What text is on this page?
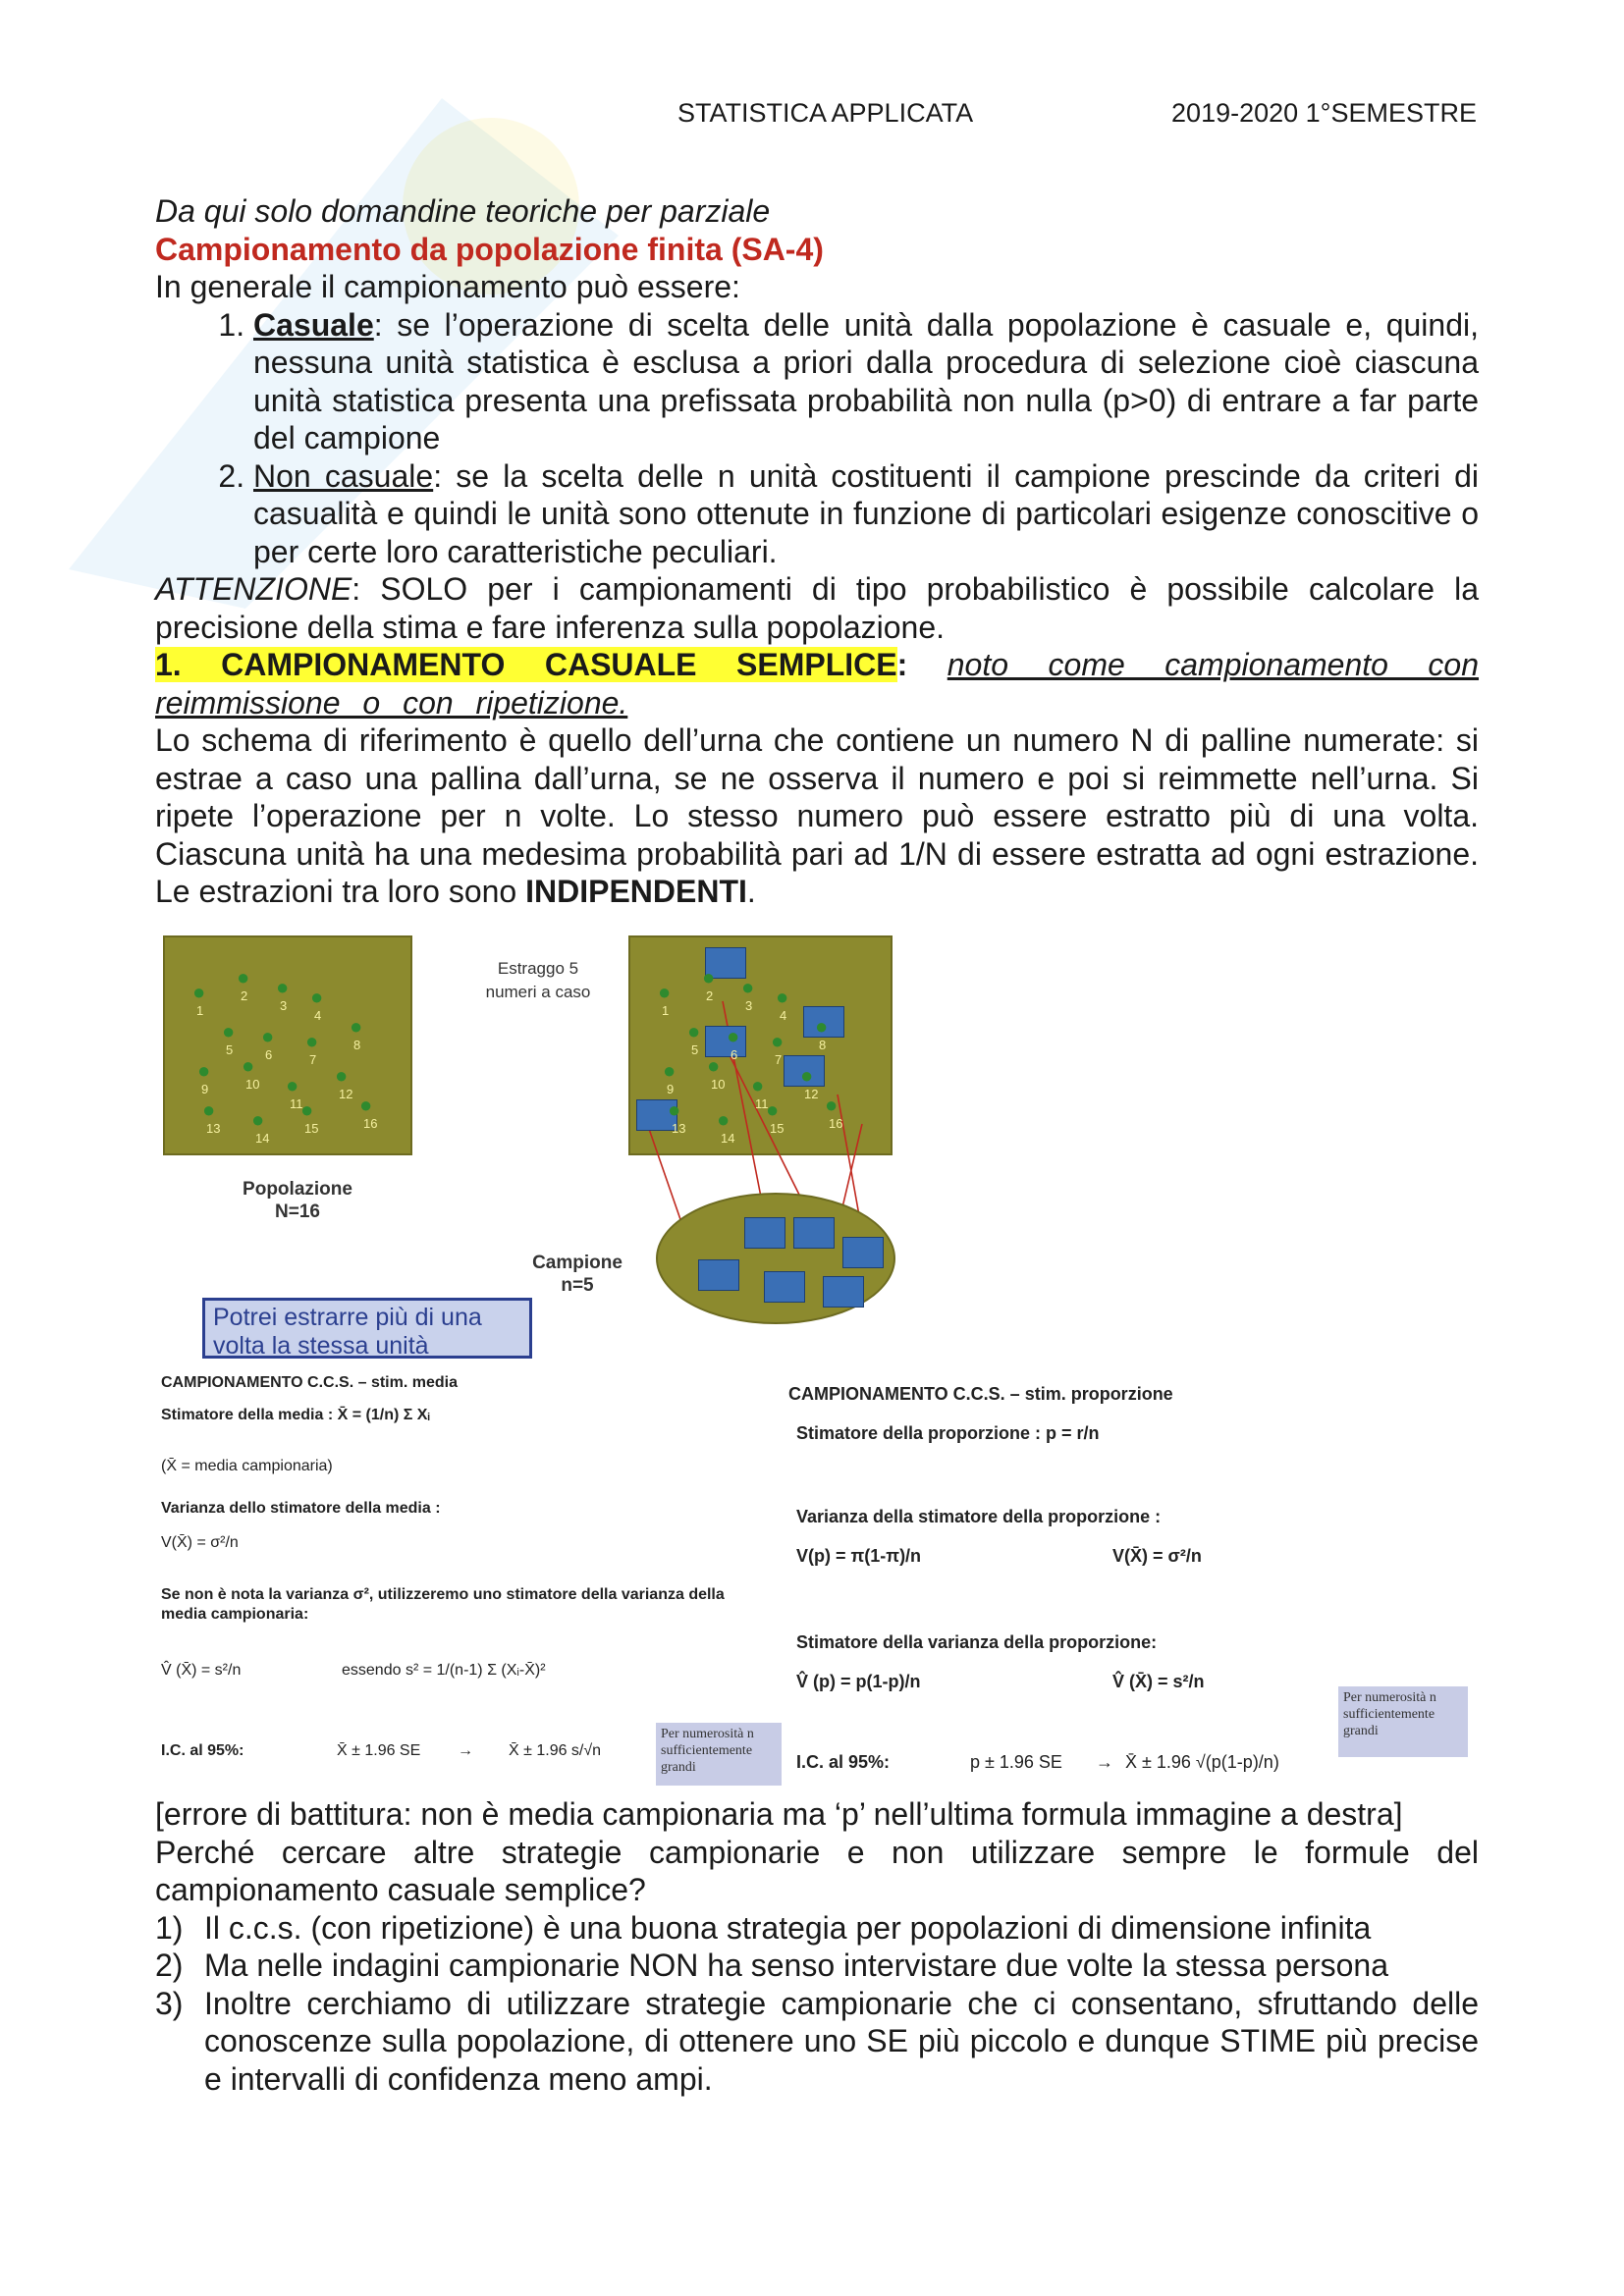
STATISTICA APPLICATA	2019-2020 1°SEMESTRE

Da qui solo domandine teoriche per parziale

Campionamento da popolazione finita (SA-4)

In generale il campionamento può essere:

1. Casuale: se l’operazione di scelta delle unità dalla popolazione è casuale e, quindi, nessuna unità statistica è esclusa a priori dalla procedura di selezione cioè ciascuna unità statistica presenta una prefissata probabilità non nulla (p>0) di entrare a far parte del campione
2. Non casuale: se la scelta delle n unità costituenti il campione prescinde da criteri di casualità e quindi le unità sono ottenute in funzione di particolari esigenze conoscitive o per certe loro caratteristiche peculiari.

ATTENZIONE: SOLO per i campionamenti di tipo probabilistico è possibile calcolare la precisione della stima e fare inferenza sulla popolazione.

1. CAMPIONAMENTO CASUALE SEMPLICE: noto come campionamento con reimmissione o con ripetizione.

Lo schema di riferimento è quello dell’urna che contiene un numero N di palline numerate: si estrae a caso una pallina dall’urna, se ne osserva il numero e poi si reimmette nell’urna. Si ripete l’operazione per n volte. Lo stesso numero può essere estratto più di una volta. Ciascuna unità ha una medesima probabilità pari ad 1/N di essere estratta ad ogni estrazione. Le estrazioni tra loro sono INDIPENDENTI.

Estraggo 5 numeri a caso
Popolazione
N=16
Campione
n=5
Potrei estrarre più di una volta la stessa unità
CAMPIONAMENTO C.C.S. – stim. media
Stimatore della media : X̄ = (1/n) Σ Xᵢ
(X̄ = media campionaria)
Varianza dello stimatore della media :
V(X̄) = σ²/n
Se non è nota la varianza σ², utilizzeremo uno stimatore della varianza della media campionaria:
V̂ (X̄) = s²/n	essendo s² = 1/(n-1) Σ (Xᵢ-X̄)²
I.C. al 95%:	X̄ ± 1.96 SE → X̄ ± 1.96 s/√n
Per numerosità n sufficientemente grandi
CAMPIONAMENTO C.C.S. – stim. proporzione
Stimatore della proporzione : p = r/n
Varianza della stimatore della proporzione :
V(p) = π(1-π)/n	V(X̄) = σ²/n
Stimatore della varianza della proporzione:
V̂ (p) = p(1-p)/n	V̂ (X̄) = s²/n
I.C. al 95%:	p ± 1.96 SE → X̄ ± 1.96 √(p(1-p)/n)
Per numerosità n sufficientemente grandi
●
1
●
2 ●
3 ●
4
●
5
●
6
●
7
●
8
●
9
●
10 ●
11
●
12
●
13 ●
14
●
15
●
16
●
1
●
2 ●
3 ●
4
●
5
●
6
●
7
●
8
●
9
●
10 ●
11
●
12
●
13 ●
14
●
15
●
16

[errore di battitura: non è media campionaria ma ‘p’ nell’ultima formula immagine a destra]

Perché cercare altre strategie campionarie e non utilizzare sempre le formule del campionamento casuale semplice?

1) Il c.c.s. (con ripetizione) è una buona strategia per popolazioni di dimensione infinita
2) Ma nelle indagini campionarie NON ha senso intervistare due volte la stessa persona
3) Inoltre cerchiamo di utilizzare strategie campionarie che ci consentano, sfruttando delle conoscenze sulla popolazione, di ottenere uno SE più piccolo e dunque STIME più precise e intervalli di confidenza meno ampi.
